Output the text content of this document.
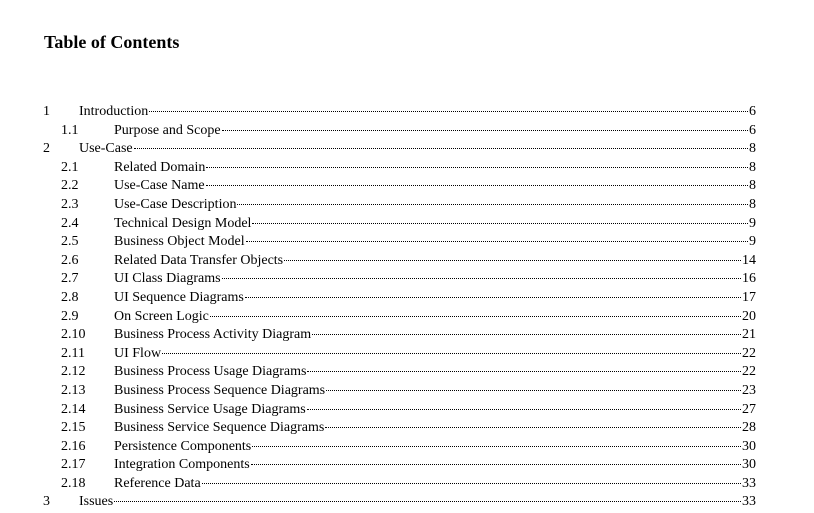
Table of Contents
1 Introduction	6
1.1	Purpose and Scope	6
2 Use-Case	8
2.1	Related Domain	8
2.2	Use-Case Name	8
2.3	Use-Case Description	8
2.4	Technical Design Model	9
2.5	Business Object Model	9
2.6	Related Data Transfer Objects	14
2.7	UI Class Diagrams	16
2.8	UI Sequence Diagrams	17
2.9	On Screen Logic	20
2.10 Business Process Activity Diagram	21
2.11 UI Flow	22
2.12 Business Process Usage Diagrams	22
2.13 Business Process Sequence Diagrams	23
2.14 Business Service Usage Diagrams	27
2.15 Business Service Sequence Diagrams	28
2.16 Persistence Components	30
2.17 Integration Components	30
2.18 Reference Data	33
3 Issues	33
